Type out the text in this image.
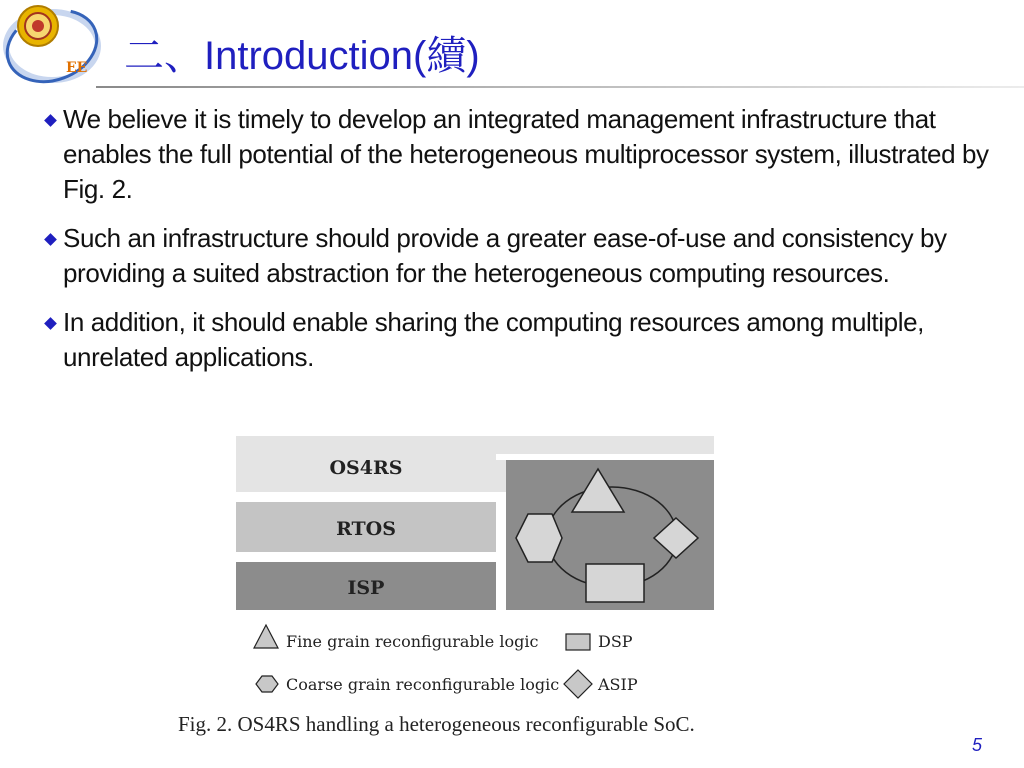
EE 二、Introduction(續)
We believe it is timely to develop an integrated management infrastructure that enables the full potential of the heterogeneous multiprocessor system, illustrated by Fig. 2.
Such an infrastructure should provide a greater ease-of-use and consistency by providing a suited abstraction for the heterogeneous computing resources.
In addition, it should enable sharing the computing resources among multiple, unrelated applications.
OS4RS
RTOS
ISP
Fine grain reconfigurable logic
Coarse grain reconfigurable logic
DSP
ASIP
Fig. 2. OS4RS handling a heterogeneous reconfigurable SoC.
5
